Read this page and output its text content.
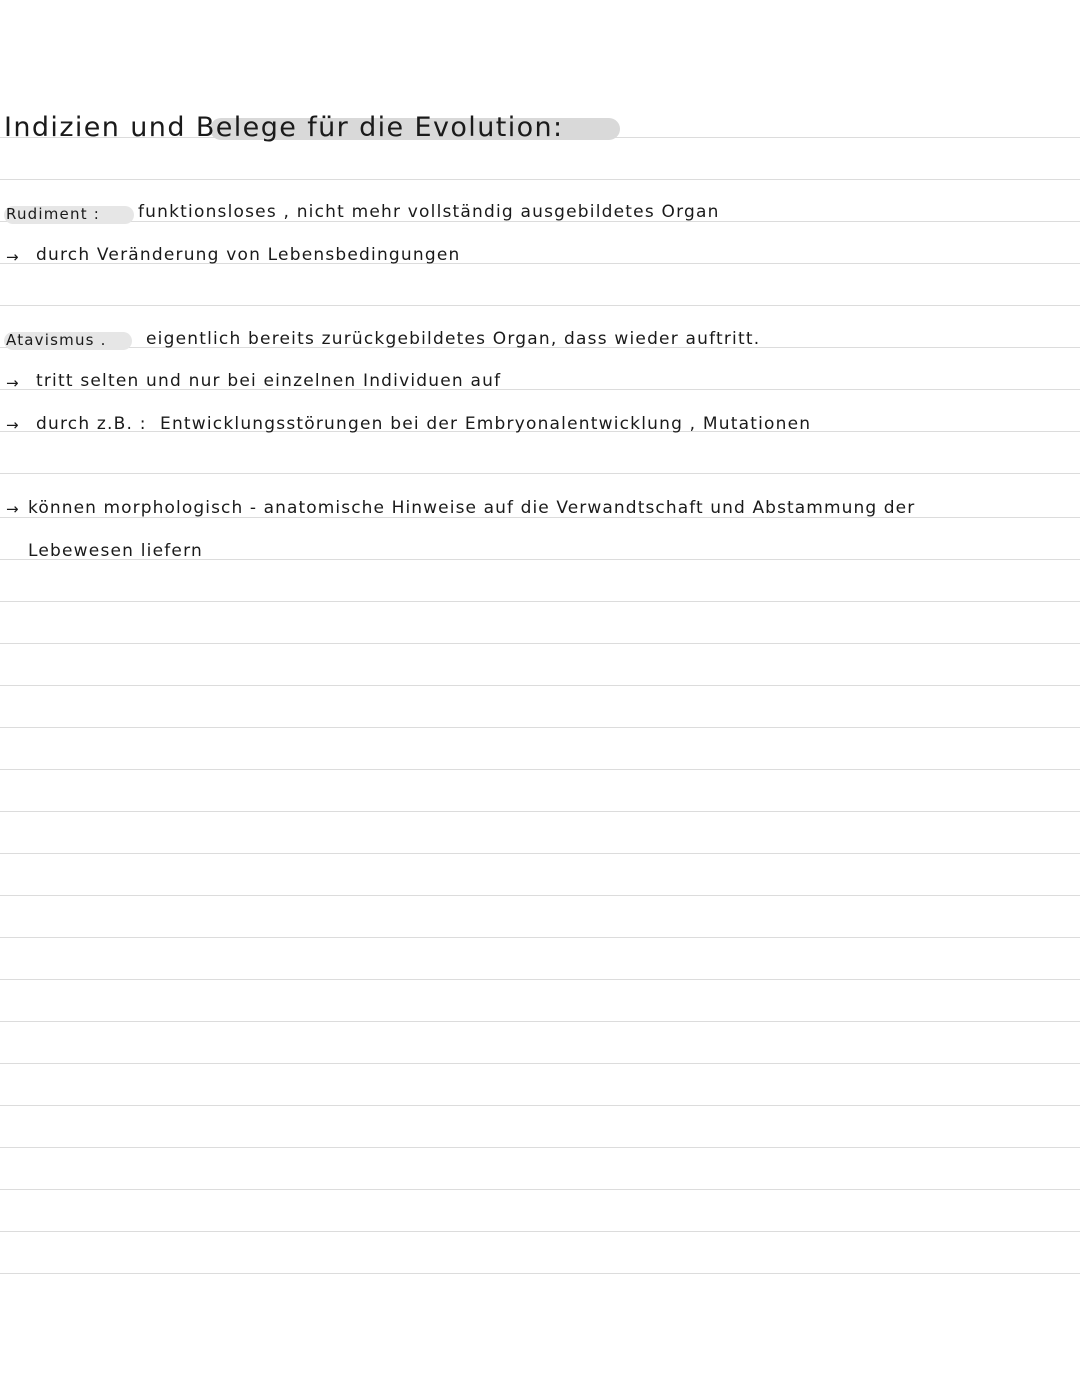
Indizien und Belege für die Evolution:
Rudiment : funktionsloses , nicht mehr vollständig ausgebildetes Organ
→ durch Veränderung von Lebensbedingungen
Atavismus . eigentlich bereits zurückgebildetes Organ, dass wieder auftritt.
→ tritt selten und nur bei einzelnen Individuen auf
→ durch z.B. : Entwicklungsstörungen bei der Embryonalentwicklung , Mutationen
→ können morphologisch - anatomische Hinweise auf die Verwandtschaft und Abstammung der
Lebewesen liefern
